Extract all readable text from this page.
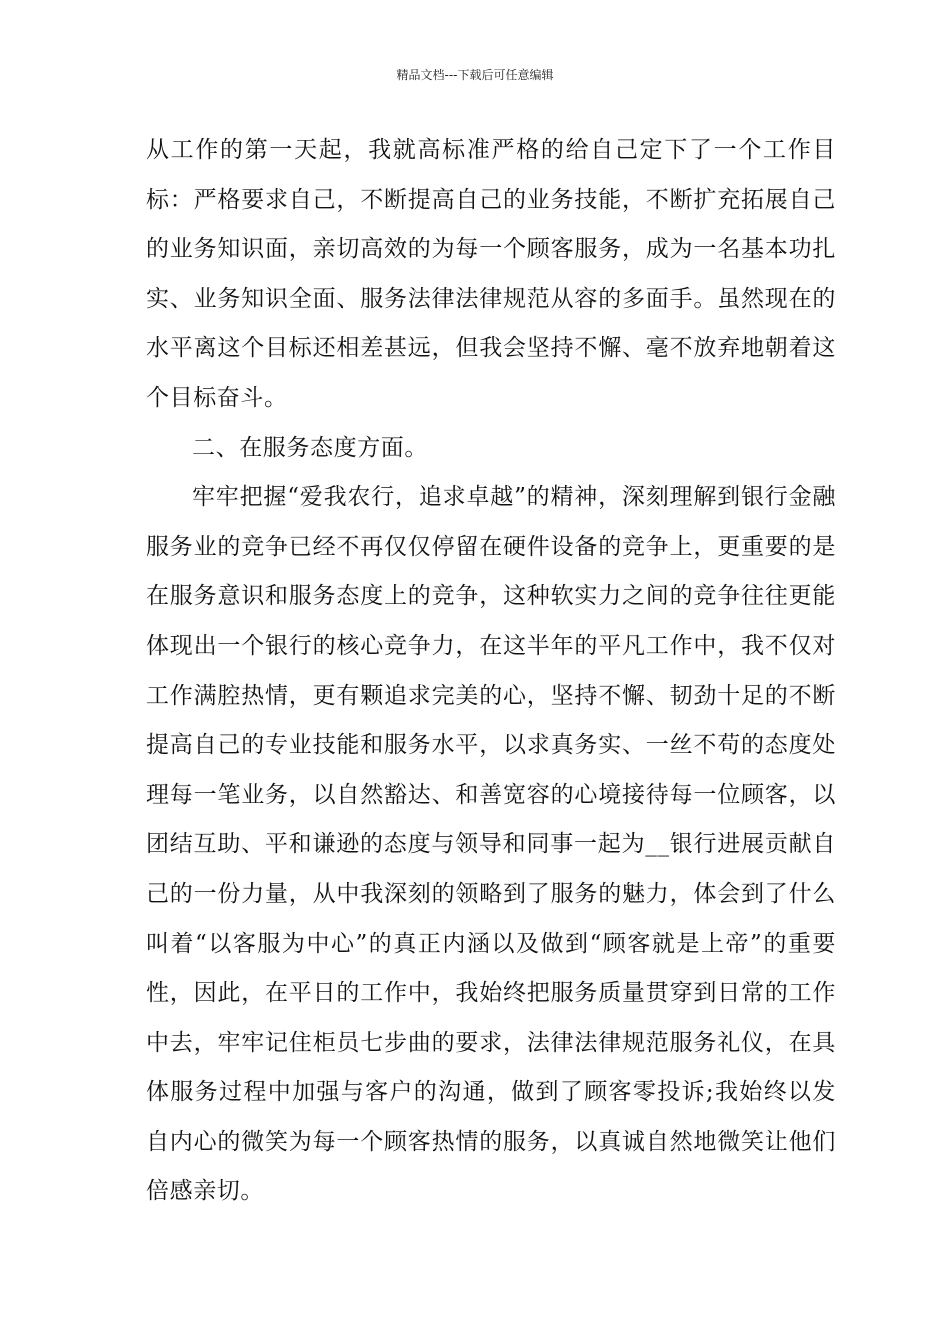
精品文档---下载后可任意编辑

从工作的第一天起，我就高标准严格的给自己定下了一个工作目标：严格要求自己，不断提高自己的业务技能，不断扩充拓展自己的业务知识面，亲切高效的为每一个顾客服务，成为一名基本功扎实、业务知识全面、服务法律法律规范从容的多面手。虽然现在的水平离这个目标还相差甚远，但我会坚持不懈、毫不放弃地朝着这个目标奋斗。

二、在服务态度方面。

牢牢把握“爱我农行，追求卓越”的精神，深刻理解到银行金融服务业的竞争已经不再仅仅停留在硬件设备的竞争上，更重要的是在服务意识和服务态度上的竞争，这种软实力之间的竞争往往更能体现出一个银行的核心竞争力，在这半年的平凡工作中，我不仅对工作满腔热情，更有颗追求完美的心，坚持不懈、韧劲十足的不断提高自己的专业技能和服务水平，以求真务实、一丝不苟的态度处理每一笔业务，以自然豁达、和善宽容的心境接待每一位顾客，以团结互助、平和谦逊的态度与领导和同事一起为__银行进展贡献自己的一份力量，从中我深刻的领略到了服务的魅力，体会到了什么叫着“以客服为中心”的真正内涵以及做到“顾客就是上帝”的重要性，因此，在平日的工作中，我始终把服务质量贯穿到日常的工作中去，牢牢记住柜员七步曲的要求，法律法律规范服务礼仪，在具体服务过程中加强与客户的沟通，做到了顾客零投诉;我始终以发自内心的微笑为每一个顾客热情的服务，以真诚自然地微笑让他们倍感亲切。
